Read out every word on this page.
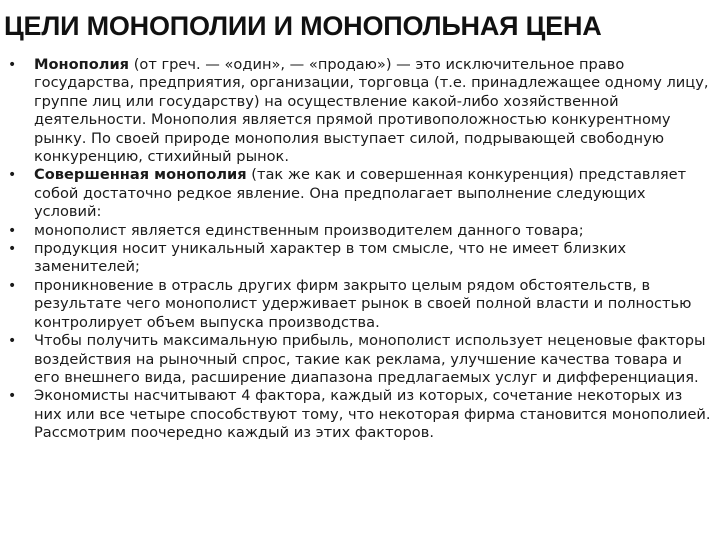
ЦЕЛИ МОНОПОЛИИ И МОНОПОЛЬНАЯ ЦЕНА
• Монополия (от греч. — «один», — «продаю») — это исключительное право государства, предприятия, организации, торговца (т.е. принадлежащее одному лицу, группе лиц или государству) на осуществление какой-либо хозяйственной деятельности. Монополия является прямой противоположностью конкурентному рынку. По своей природе монополия выступает силой, подрывающей свободную конкуренцию, стихийный рынок.
• Совершенная монополия (так же как и совершенная конкуренция) представляет собой достаточно редкое явление. Она предполагает выполнение следующих условий:
• монополист является единственным производителем данного товара;
• продукция носит уникальный характер в том смысле, что не имеет близких заменителей;
• проникновение в отрасль других фирм закрыто целым рядом обстоятельств, в результате чего монополист удерживает рынок в своей полной власти и полностью контролирует объем выпуска производства.
• Чтобы получить максимальную прибыль, монополист использует неценовые факторы воздействия на рыночный спрос, такие как реклама, улучшение качества товара и его внешнего вида, расширение диапазона предлагаемых услуг и дифференциация.
• Экономисты насчитывают 4 фактора, каждый из которых, сочетание некоторых из них или все четыре способствуют тому, что некоторая фирма становится монополией. Рассмотрим поочередно каждый из этих факторов.
